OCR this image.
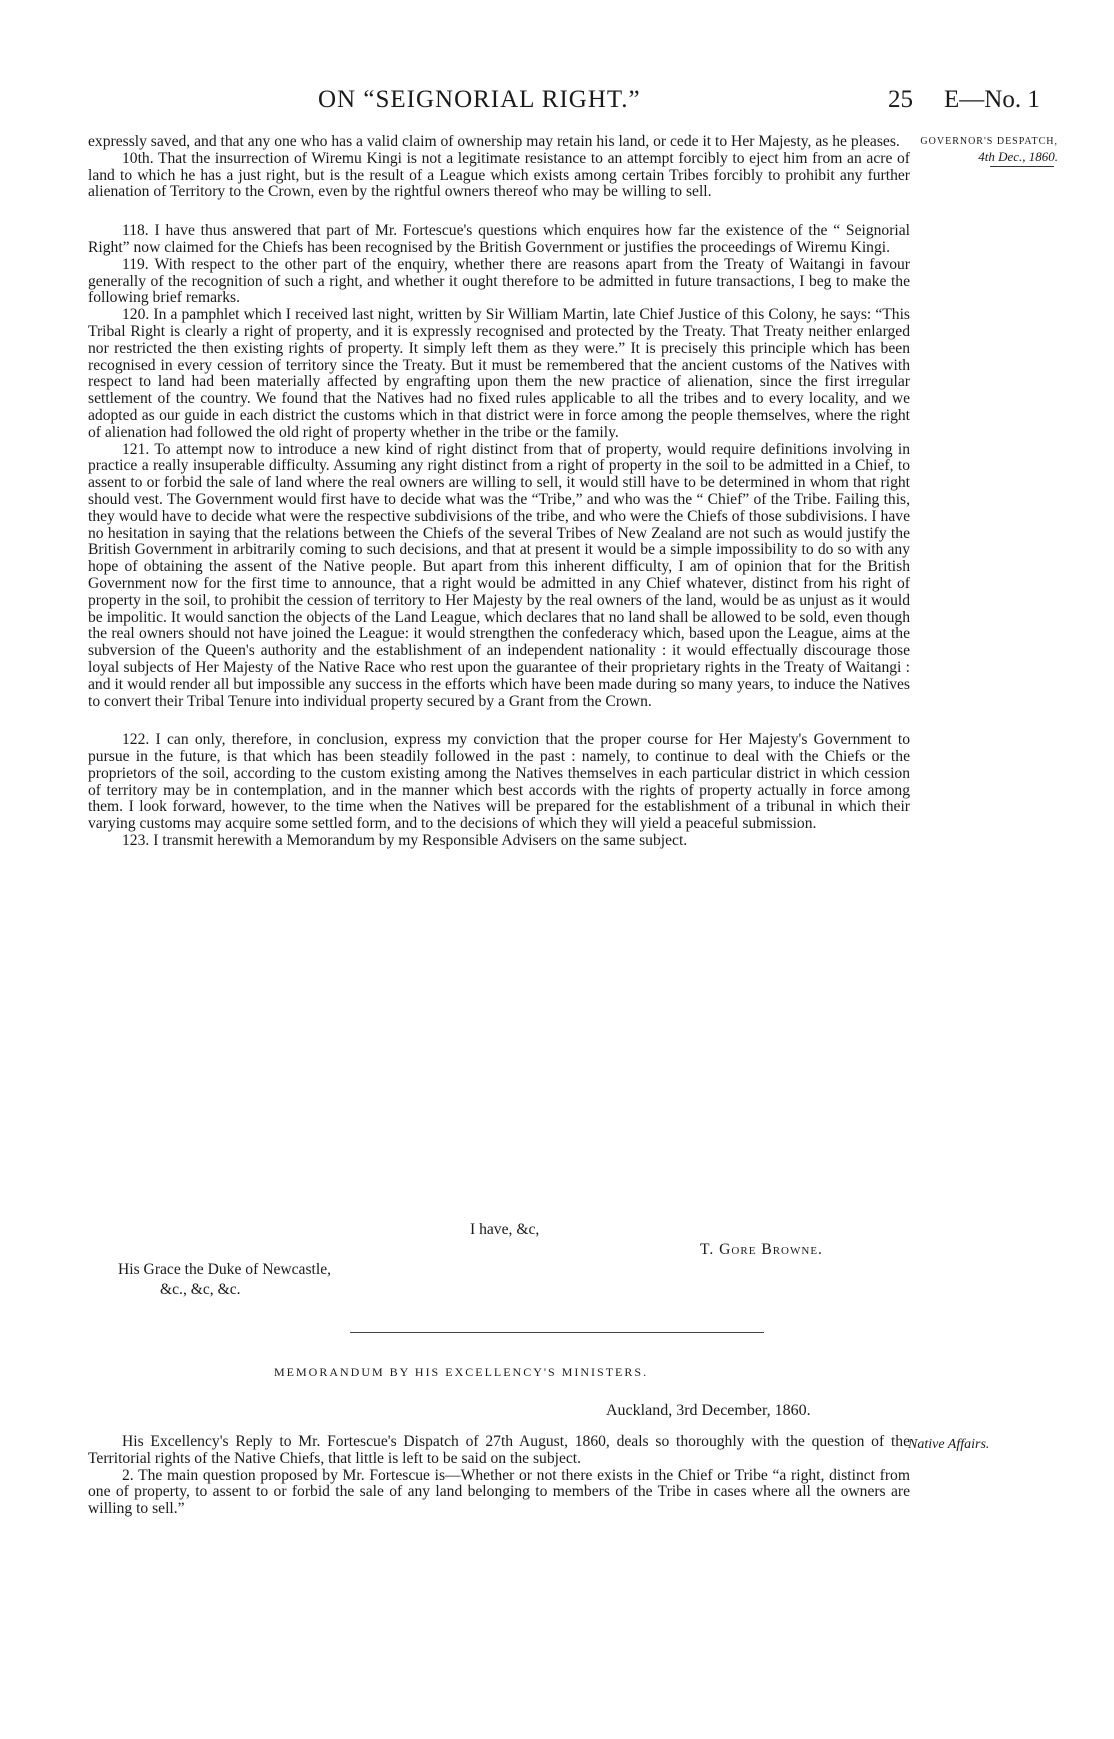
ON “SEIGNORIAL RIGHT.”	25 E—No. 1
GOVERNOR'S DESPATCH,
4th Dec., 1860.

expressly saved, and that any one who has a valid claim of ownership may retain his land, or cede it to Her Majesty, as he pleases.

10th. That the insurrection of Wiremu Kingi is not a legitimate resistance to an attempt forcibly to eject him from an acre of land to which he has a just right, but is the result of a League which exists among certain Tribes forcibly to prohibit any further alienation of Territory to the Crown, even by the rightful owners thereof who may be willing to sell.

118. I have thus answered that part of Mr. Fortescue's questions which enquires how far the existence of the “ Seignorial Right” now claimed for the Chiefs has been recognised by the British Government or justifies the proceedings of Wiremu Kingi.

119. With respect to the other part of the enquiry, whether there are reasons apart from the Treaty of Waitangi in favour generally of the recognition of such a right, and whether it ought therefore to be admitted in future transactions, I beg to make the following brief remarks.

120. In a pamphlet which I received last night, written by Sir William Martin, late Chief Justice of this Colony, he says: “This Tribal Right is clearly a right of property, and it is expressly recognised and protected by the Treaty. That Treaty neither enlarged nor restricted the then existing rights of property. It simply left them as they were.” It is precisely this principle which has been recognised in every cession of territory since the Treaty. But it must be remembered that the ancient customs of the Natives with respect to land had been materially affected by engrafting upon them the new practice of alienation, since the first irregular settlement of the country. We found that the Natives had no fixed rules applicable to all the tribes and to every locality, and we adopted as our guide in each district the customs which in that district were in force among the people themselves, where the right of alienation had followed the old right of property whether in the tribe or the family.

121. To attempt now to introduce a new kind of right distinct from that of property, would require definitions involving in practice a really insuperable difficulty. Assuming any right distinct from a right of property in the soil to be admitted in a Chief, to assent to or forbid the sale of land where the real owners are willing to sell, it would still have to be determined in whom that right should vest. The Government would first have to decide what was the “Tribe,” and who was the “ Chief” of the Tribe. Failing this, they would have to decide what were the respective subdivisions of the tribe, and who were the Chiefs of those subdivisions. I have no hesitation in saying that the relations between the Chiefs of the several Tribes of New Zealand are not such as would justify the British Government in arbitrarily coming to such decisions, and that at present it would be a simple impossibility to do so with any hope of obtaining the assent of the Native people. But apart from this inherent difficulty, I am of opinion that for the British Government now for the first time to announce, that a right would be admitted in any Chief whatever, distinct from his right of property in the soil, to prohibit the cession of territory to Her Majesty by the real owners of the land, would be as unjust as it would be impolitic. It would sanction the objects of the Land League, which declares that no land shall be allowed to be sold, even though the real owners should not have joined the League: it would strengthen the confederacy which, based upon the League, aims at the subversion of the Queen's authority and the establishment of an independent nationality : it would effectually discourage those loyal subjects of Her Majesty of the Native Race who rest upon the guarantee of their proprietary rights in the Treaty of Waitangi : and it would render all but impossible any success in the efforts which have been made during so many years, to induce the Natives to convert their Tribal Tenure into individual property secured by a Grant from the Crown.

122. I can only, therefore, in conclusion, express my conviction that the proper course for Her Majesty's Government to pursue in the future, is that which has been steadily followed in the past : namely, to continue to deal with the Chiefs or the proprietors of the soil, according to the custom existing among the Natives themselves in each particular district in which cession of territory may be in contemplation, and in the manner which best accords with the rights of property actually in force among them. I look forward, however, to the time when the Natives will be prepared for the establishment of a tribunal in which their varying customs may acquire some settled form, and to the decisions of which they will yield a peaceful submission.

123. I transmit herewith a Memorandum by my Responsible Advisers on the same subject.

I have, &c,
T. Gore Browne.
His Grace the Duke of Newcastle,
&c., &c, &c.
MEMORANDUM BY HIS EXCELLENCY'S MINISTERS.
Auckland, 3rd December, 1860.
Native Affairs.

His Excellency's Reply to Mr. Fortescue's Dispatch of 27th August, 1860, deals so thoroughly with the question of the Territorial rights of the Native Chiefs, that little is left to be said on the subject.

2. The main question proposed by Mr. Fortescue is—Whether or not there exists in the Chief or Tribe “a right, distinct from one of property, to assent to or forbid the sale of any land belonging to members of the Tribe in cases where all the owners are willing to sell.”
